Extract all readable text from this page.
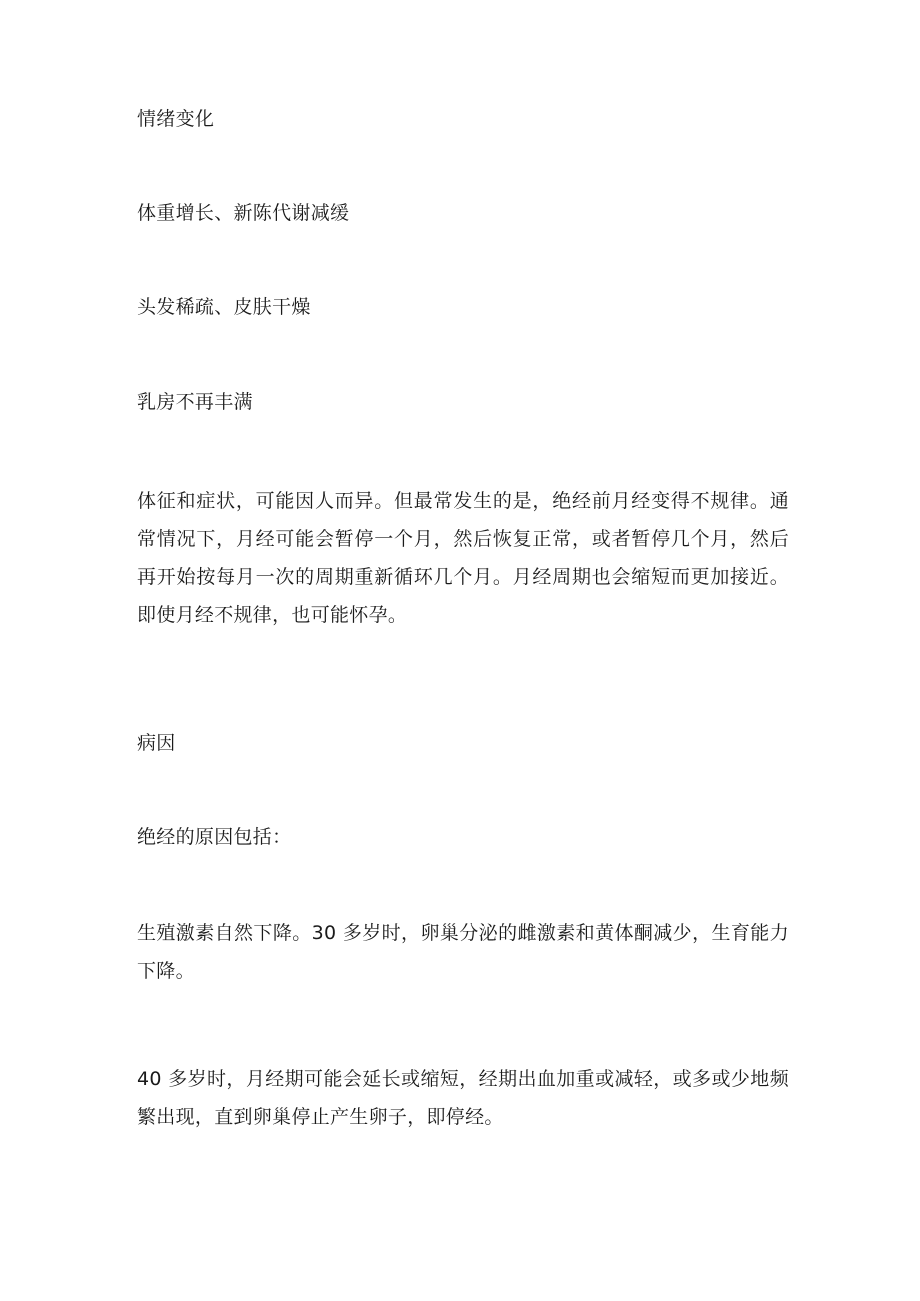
情绪变化

体重增长、新陈代谢减缓

头发稀疏、皮肤干燥

乳房不再丰满

体征和症状，可能因人而异。但最常发生的是，绝经前月经变得不规律。通常情况下，月经可能会暂停一个月，然后恢复正常，或者暂停几个月，然后再开始按每月一次的周期重新循环几个月。月经周期也会缩短而更加接近。即使月经不规律，也可能怀孕。

病因

绝经的原因包括：

生殖激素自然下降。30 多岁时，卵巢分泌的雌激素和黄体酮减少，生育能力下降。

40 多岁时，月经期可能会延长或缩短，经期出血加重或减轻，或多或少地频繁出现，直到卵巢停止产生卵子，即停经。
